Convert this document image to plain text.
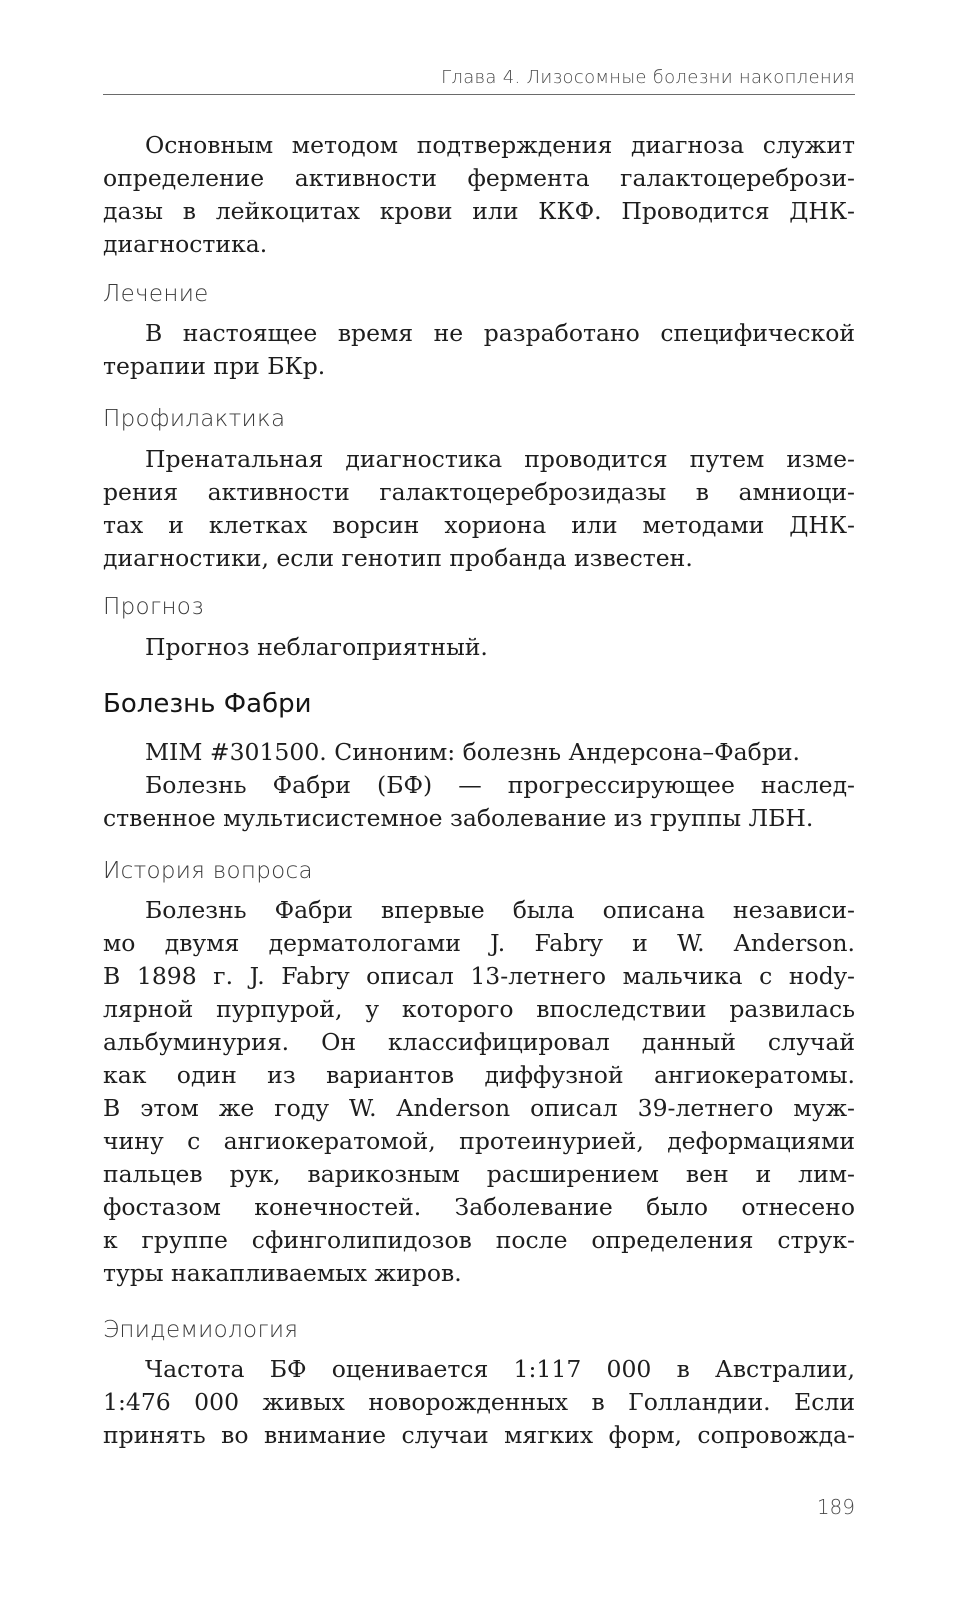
Глава 4. Лизосомные болезни накопления
Основным методом подтверждения диагноза служит
определение активности фермента галактоцеребрози-
дазы в лейкоцитах крови или ККФ. Проводится ДНК-
диагностика.
Лечение
В настоящее время не разработано специфической
терапии при БКр.
Профилактика
Пренатальная диагностика проводится путем изме-
рения активности галактоцереброзидазы в амниоци-
тах и клетках ворсин хориона или методами ДНК-
диагностики, если генотип пробанда известен.
Прогноз
Прогноз неблагоприятный.
Болезнь Фабри
MIM #301500. Синоним: болезнь Андерсона–Фабри.
Болезнь Фабри (БФ) — прогрессирующее наслед-
ственное мультисистемное заболевание из группы ЛБН.
История вопроса
Болезнь Фабри впервые была описана независи-
мо двумя дерматологами J. Fabry и W. Anderson.
В 1898 г. J. Fabry описал 13-летнего мальчика с нody-
лярной пурпурой, у которого впоследствии развилась
альбуминурия. Он классифицировал данный случай
как один из вариантов диффузной ангиокератомы.
В этом же году W. Anderson описал 39-летнего муж-
чину с ангиокератомой, протеинурией, деформациями
пальцев рук, варикозным расширением вен и лим-
фостазом конечностей. Заболевание было отнесено
к группе сфинголипидозов после определения струк-
туры накапливаемых жиров.
Эпидемиология
Частота БФ оценивается 1:117 000 в Австралии,
1:476 000 живых новорожденных в Голландии. Если
принять во внимание случаи мягких форм, сопровожда-
189
